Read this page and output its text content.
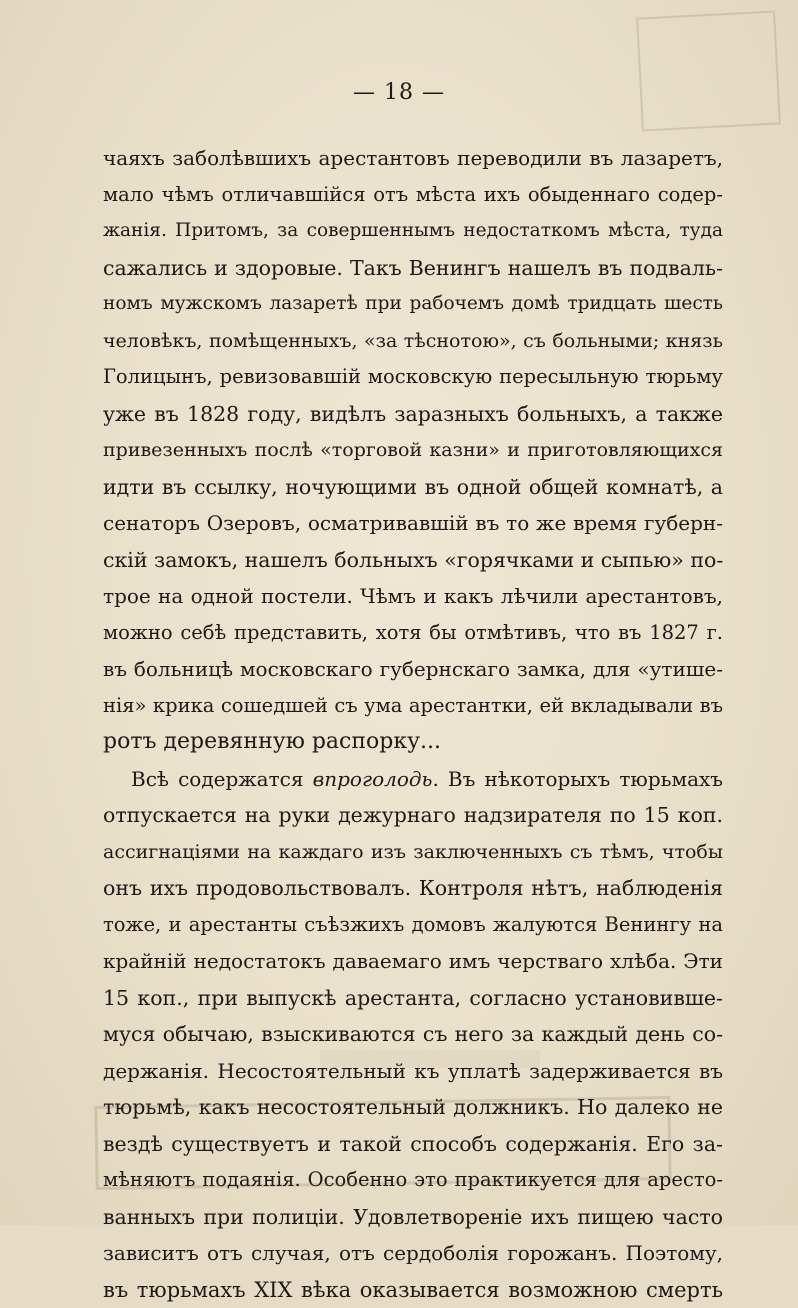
— 18 —

чаяхъ заболѣвшихъ арестантовъ переводили въ лазаретъ,
мало чѣмъ отличавшійся отъ мѣста ихъ обыденнаго содер-
жанія. Притомъ, за совершеннымъ недостаткомъ мѣста, туда
сажались и здоровые. Такъ Венингъ нашелъ въ подваль-
номъ мужскомъ лазаретѣ при рабочемъ домѣ тридцать шесть
человѣкъ, помѣщенныхъ, «за тѣснотою», съ больными; князь
Голицынъ, ревизовавшій московскую пересыльную тюрьму
уже въ 1828 году, видѣлъ заразныхъ больныхъ, а также
привезенныхъ послѣ «торговой казни» и приготовляющихся
идти въ ссылку, ночующими въ одной общей комнатѣ, а
сенаторъ Озеровъ, осматривавшій въ то же время губерн-
скій замокъ, нашелъ больныхъ «горячками и сыпью» по-
трое на одной постели. Чѣмъ и какъ лѣчили арестантовъ,
можно себѣ представить, хотя бы отмѣтивъ, что въ 1827 г.
въ больницѣ московскаго губернскаго замка, для «утише-
нія» крика сошедшей съ ума арестантки, ей вкладывали въ
ротъ деревянную распорку...
Всѣ содержатся впроголодь. Въ нѣкоторыхъ тюрьмахъ
отпускается на руки дежурнаго надзирателя по 15 коп.
ассигнаціями на каждаго изъ заключенныхъ съ тѣмъ, чтобы
онъ ихъ продовольствовалъ. Контроля нѣтъ, наблюденія
тоже, и арестанты съѣзжихъ домовъ жалуются Венингу на
крайній недостатокъ даваемаго имъ черстваго хлѣба. Эти
15 коп., при выпускѣ арестанта, согласно установивше-
муся обычаю, взыскиваются съ него за каждый день со-
держанія. Несостоятельный къ уплатѣ задерживается въ
тюрьмѣ, какъ несостоятельный должникъ. Но далеко не
вездѣ существуетъ и такой способъ содержанія. Его за-
мѣняютъ подаянія. Особенно это практикуется для аресто-
ванныхъ при полиціи. Удовлетвореніе ихъ пищею часто
зависитъ отъ случая, отъ сердоболія горожанъ. Поэтому,
въ тюрьмахъ XIX вѣка оказывается возможною смерть
